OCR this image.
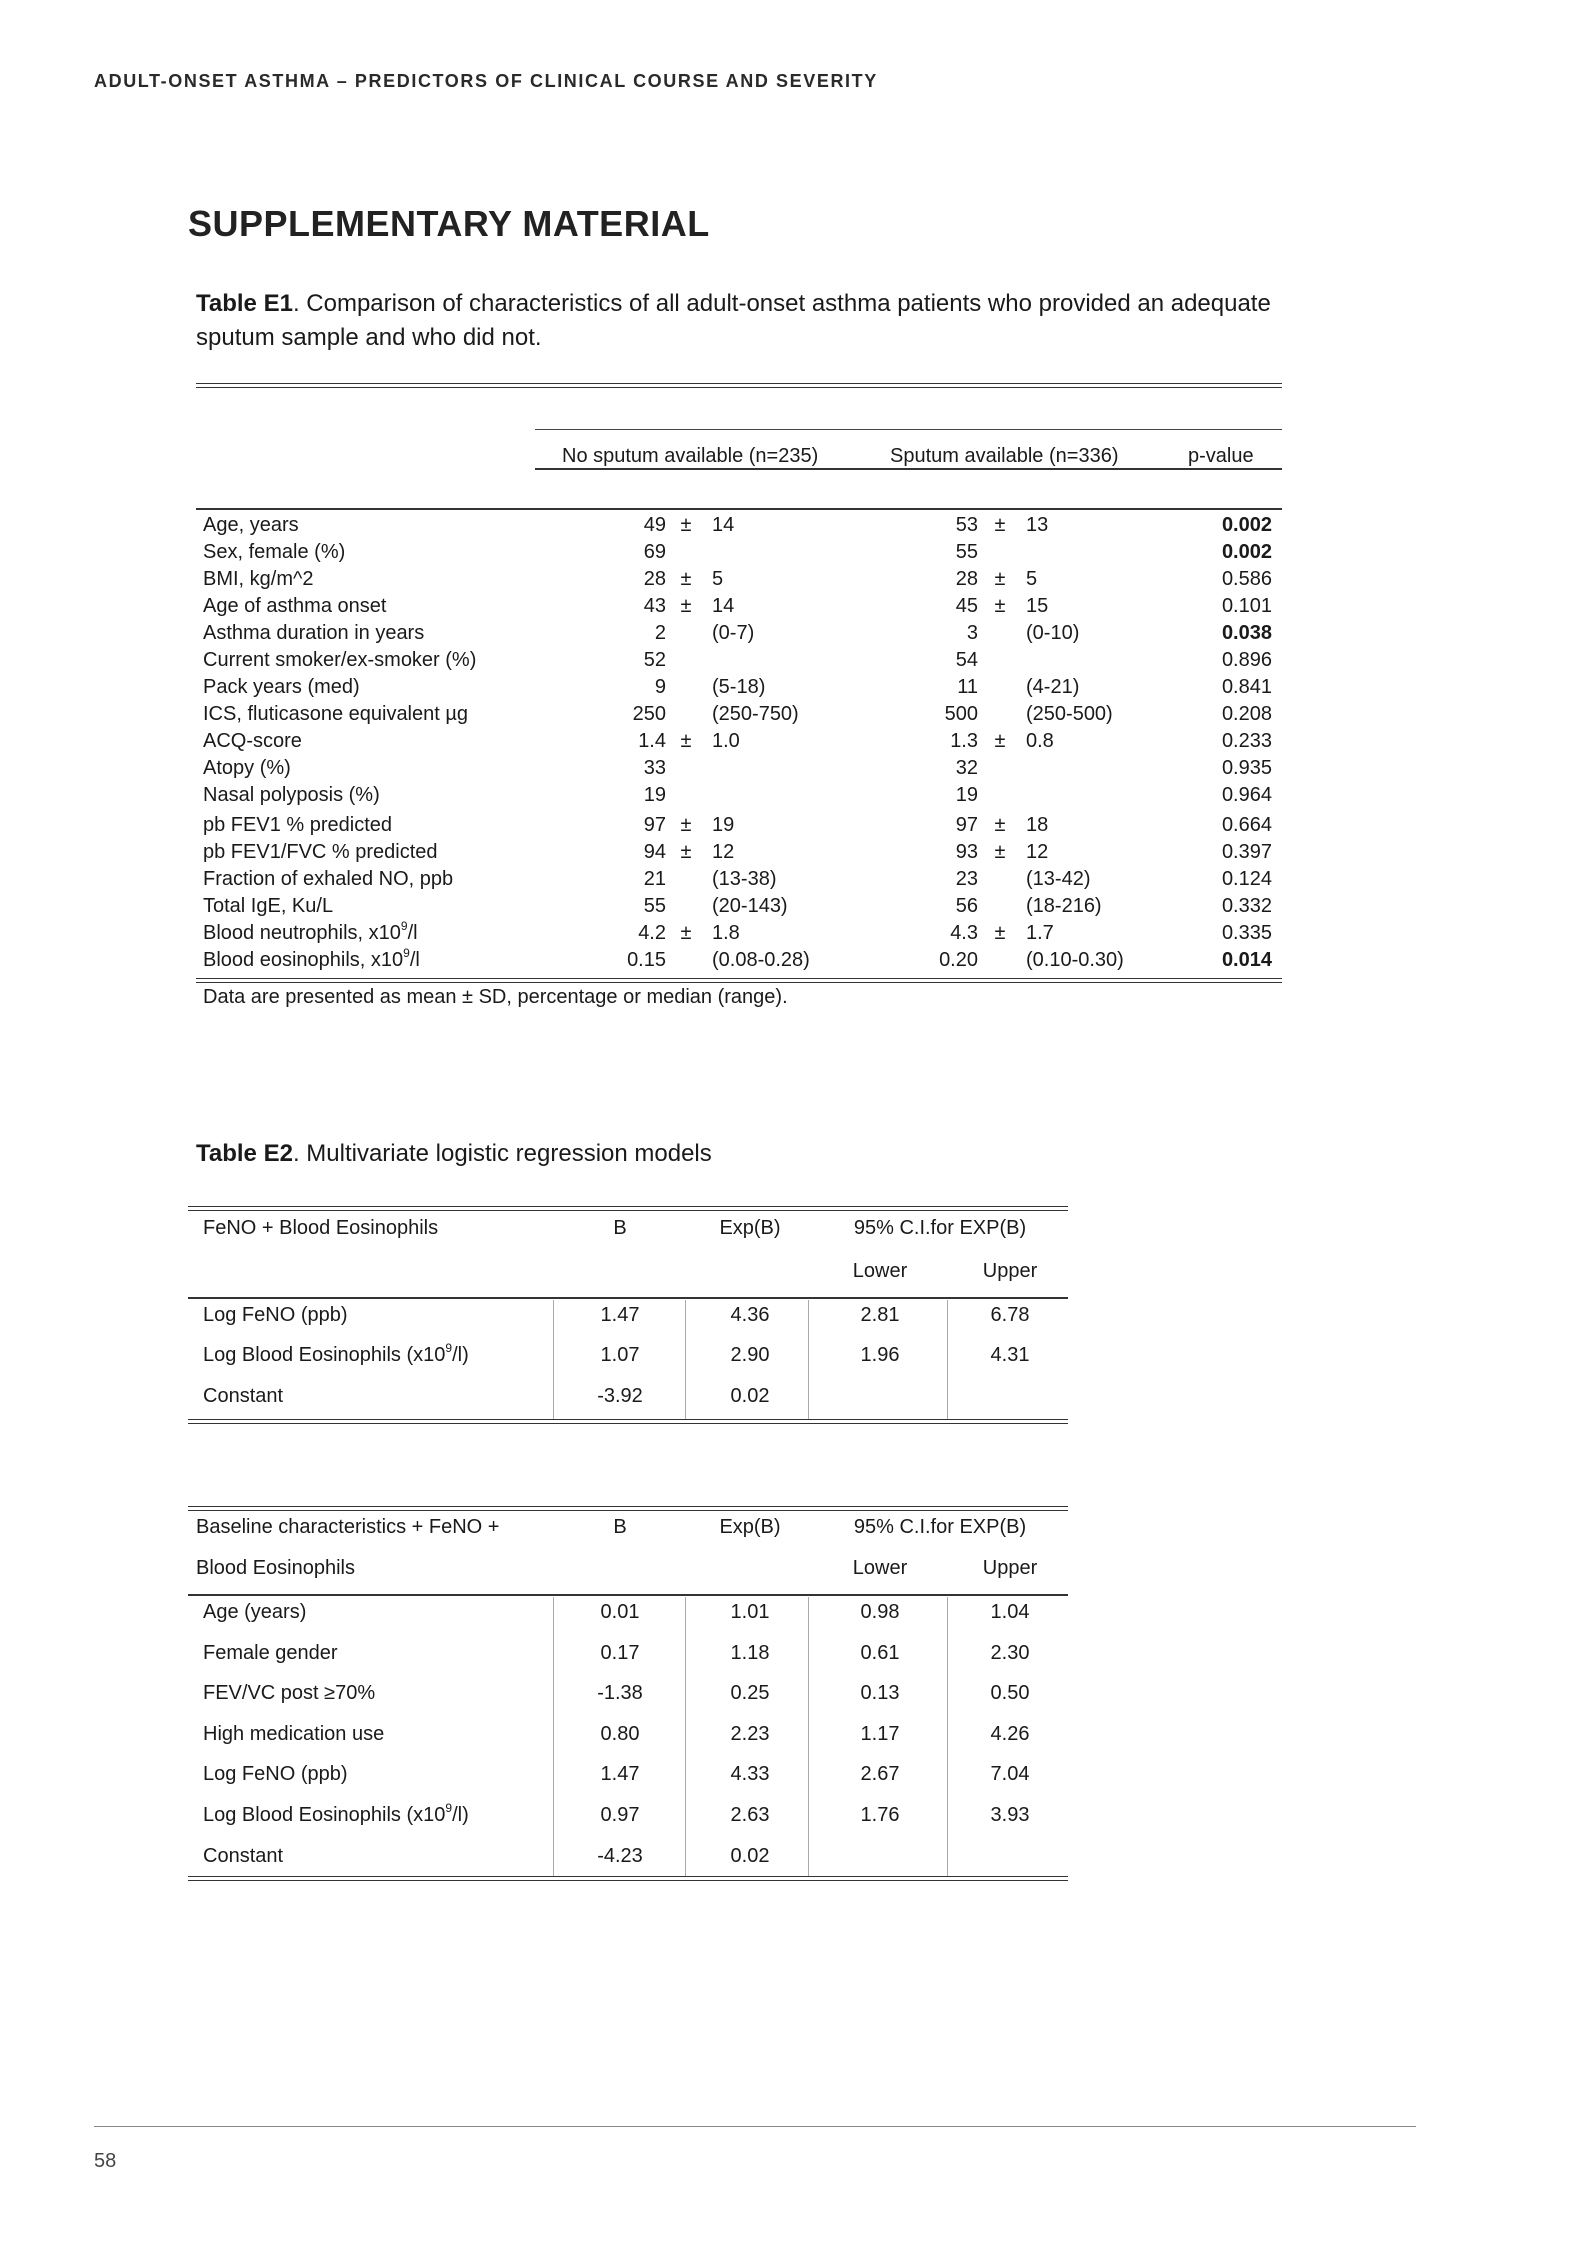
ADULT-ONSET ASTHMA – PREDICTORS OF CLINICAL COURSE AND SEVERITY
SUPPLEMENTARY MATERIAL
Table E1. Comparison of characteristics of all adult-onset asthma patients who provided an adequate
sputum sample and who did not.
No sputum available (n=235)	Sputum available (n=336)	p-value
Age, years	49 ± 14	53 ± 13	0.002
Sex, female (%)	69	55	0.002
BMI, kg/m^2	28 ± 5	28 ± 5	0.586
Age of asthma onset	43 ± 14	45 ± 15	0.101
Asthma duration in years	2 (0-7)	3 (0-10)	0.038
Current smoker/ex-smoker (%)	52	54	0.896
Pack years (med)	9 (5-18)	11 (4-21)	0.841
ICS, fluticasone equivalent µg	250 (250-750)	500 (250-500)	0.208
ACQ-score	1.4 ± 1.0	1.3 ± 0.8	0.233
Atopy (%)	33	32	0.935
Nasal polyposis (%)	19	19	0.964
pb FEV1 % predicted	97 ± 19	97 ± 18	0.664
pb FEV1/FVC % predicted	94 ± 12	93 ± 12	0.397
Fraction of exhaled NO, ppb	21 (13-38)	23 (13-42)	0.124
Total IgE, Ku/L	55 (20-143)	56 (18-216)	0.332
Blood neutrophils, $x10^9/l$	4.2 ± 1.8	4.3 ± 1.7	0.335
Blood eosinophils, $x10^9/l$	0.15 (0.08-0.28)	0.20 (0.10-0.30)	0.014
Data are presented as mean ± SD, percentage or median (range).
Table E2. Multivariate logistic regression models
FeNO + Blood Eosinophils	B	Exp(B)	95% C.I.for EXP(B)
Lower	Upper
Log FeNO (ppb)	1.47	4.36	2.81	6.78
Log Blood Eosinophils $(x10^9/l)$	1.07	2.90	1.96	4.31
Constant	-3.92	0.02
Baseline characteristics + FeNO +
Blood Eosinophils
B	Exp(B)	95% C.I.for EXP(B)
Lower	Upper
Age (years)	0.01	1.01	0.98	1.04
Female gender	0.17	1.18	0.61	2.30
FEV/VC post ≥70%	-1.38	0.25	0.13	0.50
High medication use	0.80	2.23	1.17	4.26
Log FeNO (ppb)	1.47	4.33	2.67	7.04
Log Blood Eosinophils $(x10^9/l)$	0.97	2.63	1.76	3.93
Constant	-4.23	0.02
58
